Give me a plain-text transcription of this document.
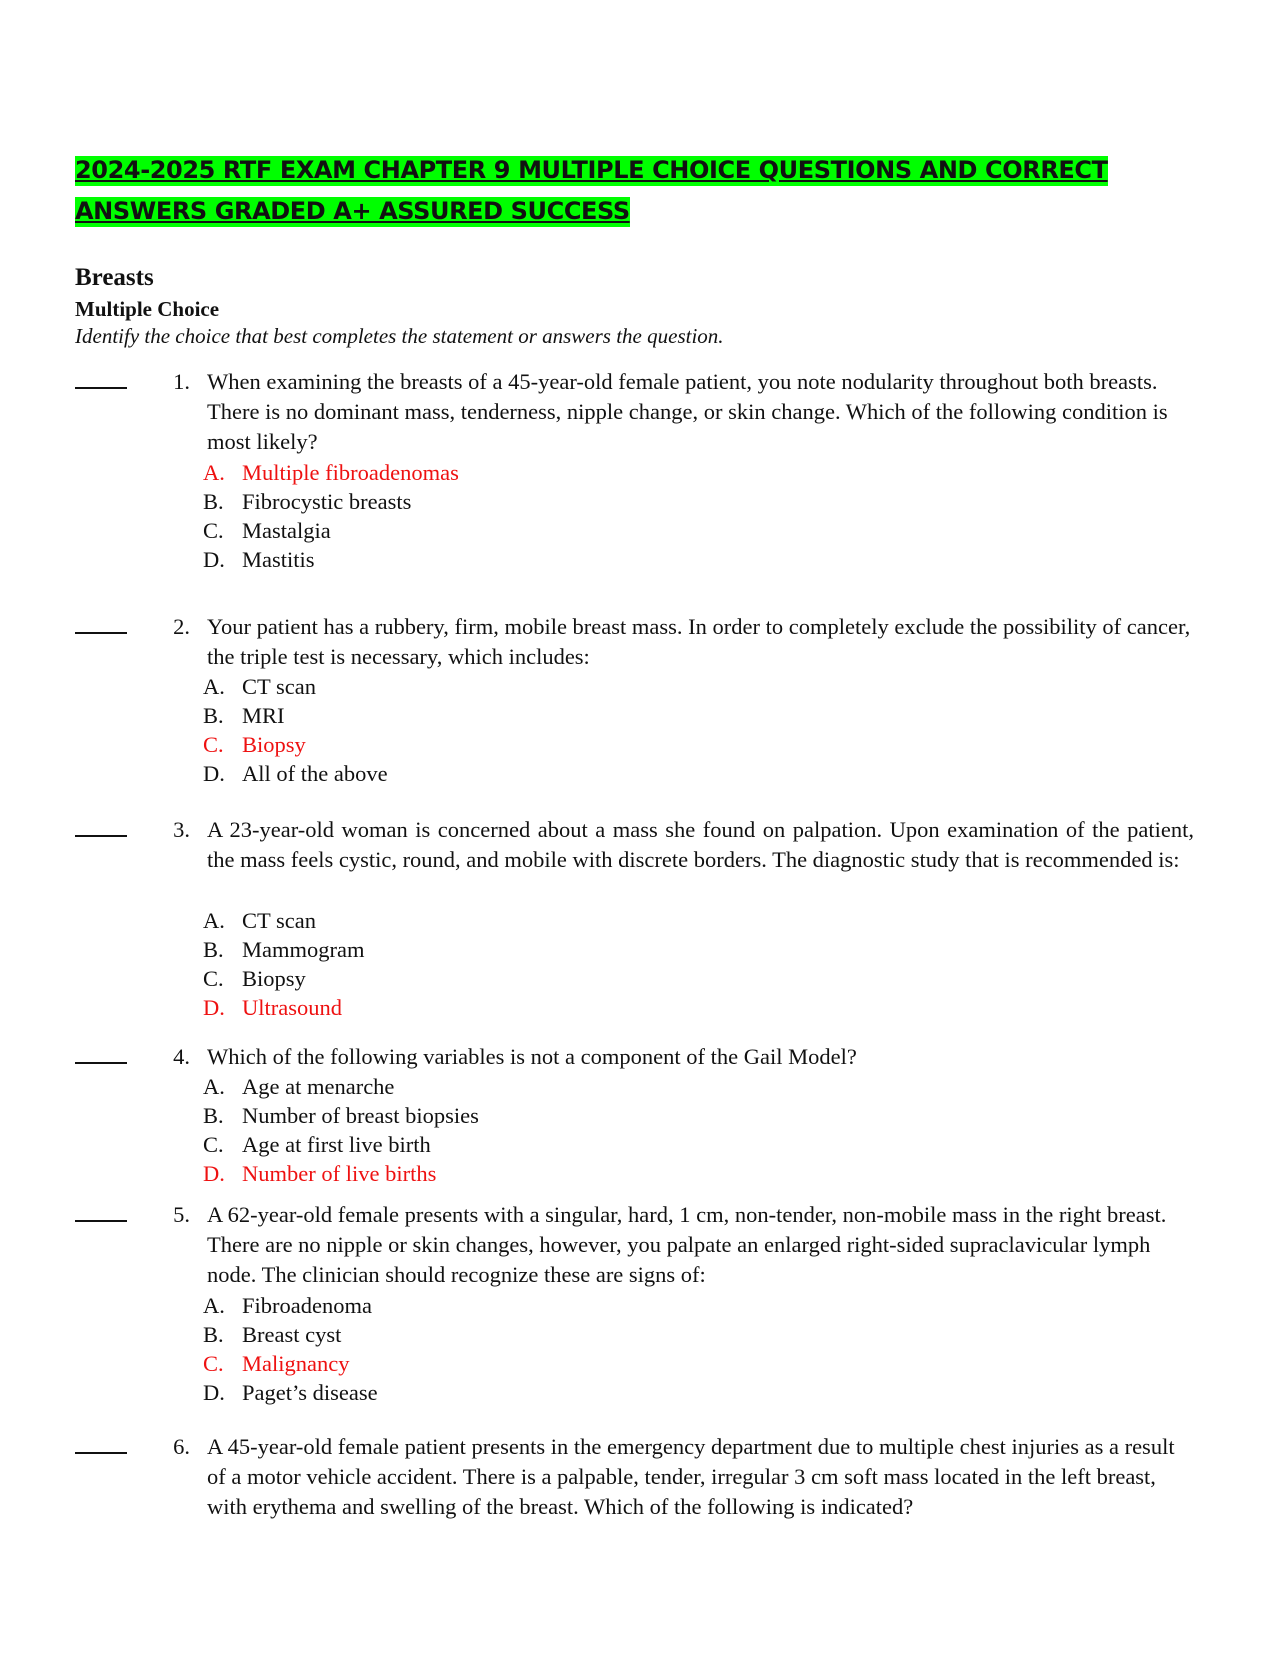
2024-2025 RTF EXAM CHAPTER 9 MULTIPLE CHOICE QUESTIONS AND CORRECT ANSWERS GRADED A+ ASSURED SUCCESS
Breasts
Multiple Choice

Identify the choice that best completes the statement or answers the question.

1. When examining the breasts of a 45-year-old female patient, you note nodularity throughout both breasts. There is no dominant mass, tenderness, nipple change, or skin change. Which of the following condition is most likely?

A. Multiple fibroadenomas
B. Fibrocystic breasts
C. Mastalgia
D. Mastitis
2. Your patient has a rubbery, firm, mobile breast mass. In order to completely exclude the possibility of cancer, the triple test is necessary, which includes:

A. CT scan
B. MRI
C. Biopsy
D. All of the above
3. A 23-year-old woman is concerned about a mass she found on palpation. Upon examination of the patient, the mass feels cystic, round, and mobile with discrete borders. The diagnostic study that is recommended is:

A. CT scan
B. Mammogram
C. Biopsy
D. Ultrasound
4. Which of the following variables is not a component of the Gail Model?

A. Age at menarche
B. Number of breast biopsies
C. Age at first live birth
D. Number of live births
5. A 62-year-old female presents with a singular, hard, 1 cm, non-tender, non-mobile mass in the right breast. There are no nipple or skin changes, however, you palpate an enlarged right-sided supraclavicular lymph node. The clinician should recognize these are signs of:

A. Fibroadenoma
B. Breast cyst
C. Malignancy
D. Paget’s disease
6. A 45-year-old female patient presents in the emergency department due to multiple chest injuries as a result of a motor vehicle accident. There is a palpable, tender, irregular 3 cm soft mass located in the left breast, with erythema and swelling of the breast. Which of the following is indicated?
